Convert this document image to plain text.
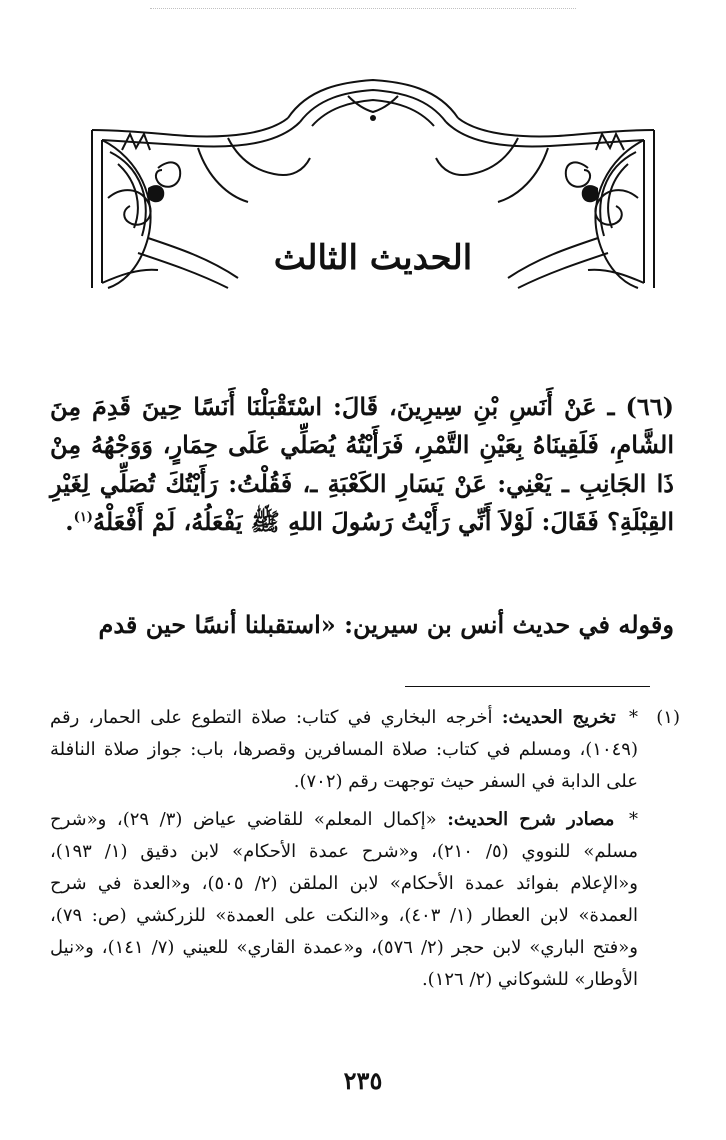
الحديث الثالث
(٦٦) ـ عَنْ أَنَسِ بْنِ سِيرِينَ، قَالَ: اسْتَقْبَلْنَا أَنَسًا حِينَ قَدِمَ مِنَ الشَّامِ، فَلَقِينَاهُ بِعَيْنِ التَّمْرِ، فَرَأَيْتُهُ يُصَلِّي عَلَى حِمَارٍ، وَوَجْهُهُ مِنْ ذَا الجَانِبِ ـ يَعْنِي: عَنْ يَسَارِ الكَعْبَةِ ـ، فَقُلْتُ: رَأَيْتُكَ تُصَلِّي لِغَيْرِ القِبْلَةِ؟ فَقَالَ: لَوْلاَ أَنِّي رَأَيْتُ رَسُولَ اللهِ ﷺ يَفْعَلُهُ، لَمْ أَفْعَلْهُ$^{(١)}$.
وقوله في حديث أنس بن سيرين: «استقبلنا أنسًا حين قدم
(١)
* تخريج الحديث: أخرجه البخاري في كتاب: صلاة التطوع على الحمار، رقم (١٠٤٩)، ومسلم في كتاب: صلاة المسافرين وقصرها، باب: جواز صلاة النافلة على الدابة في السفر حيث توجهت رقم (٧٠٢).
* مصادر شرح الحديث: «إكمال المعلم» للقاضي عياض (٣/ ٢٩)، و«شرح مسلم» للنووي (٥/ ٢١٠)، و«شرح عمدة الأحكام» لابن دقيق (١/ ١٩٣)، و«الإعلام بفوائد عمدة الأحكام» لابن الملقن (٢/ ٥٠٥)، و«العدة في شرح العمدة» لابن العطار (١/ ٤٠٣)، و«النكت على العمدة» للزركشي (ص: ٧٩)، و«فتح الباري» لابن حجر (٢/ ٥٧٦)، و«عمدة القاري» للعيني (٧/ ١٤١)، و«نيل الأوطار» للشوكاني (٢/ ١٢٦).
٢٣٥
